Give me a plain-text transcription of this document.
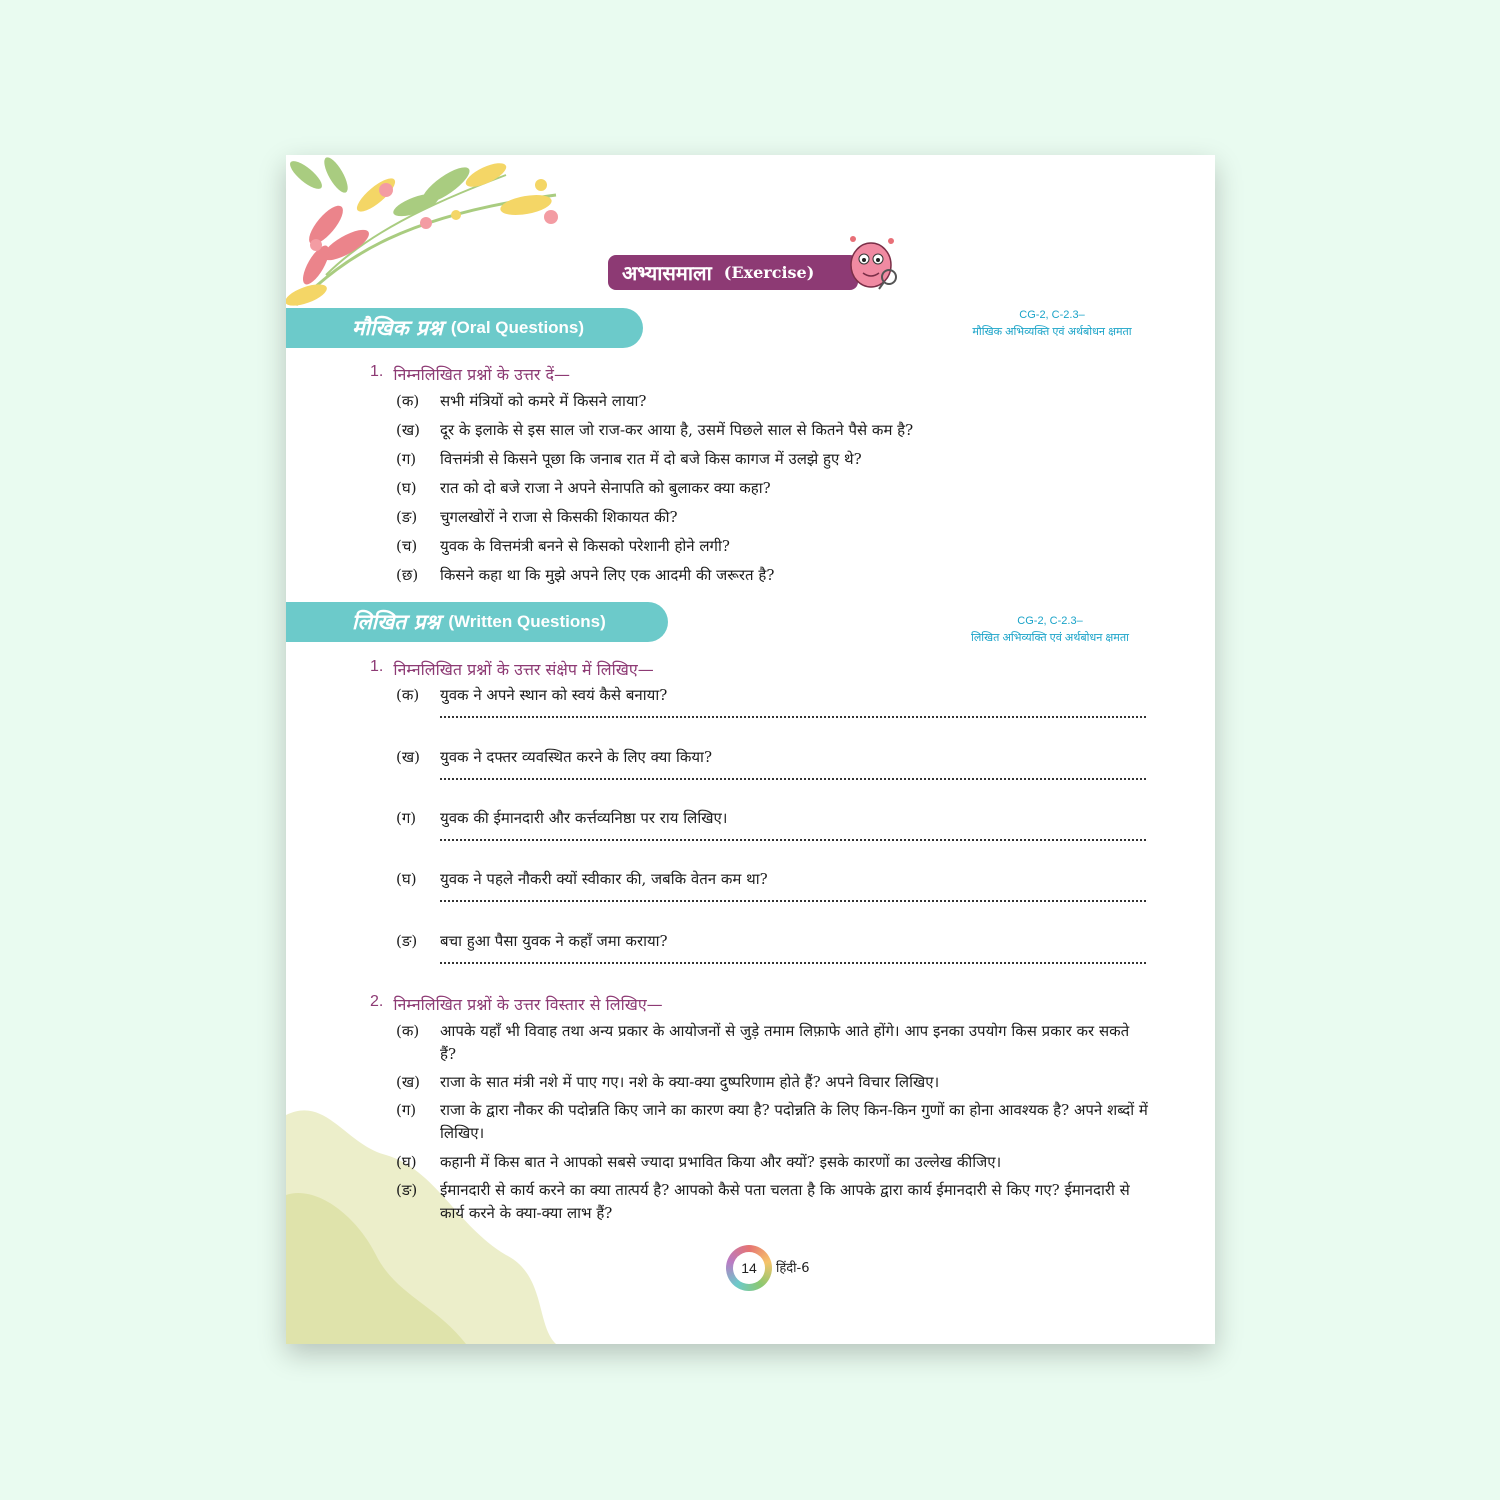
अभ्यासमाला (Exercise)
मौखिक प्रश्न (Oral Questions)
CG-2, C-2.3–
मौखिक अभिव्यक्ति एवं अर्थबोधन क्षमता
1. निम्नलिखित प्रश्नों के उत्तर दें—
(क)	सभी मंत्रियों को कमरे में किसने लाया?
(ख)	दूर के इलाके से इस साल जो राज-कर आया है, उसमें पिछले साल से कितने पैसे कम है?
(ग)	वित्तमंत्री से किसने पूछा कि जनाब रात में दो बजे किस कागज में उलझे हुए थे?
(घ)	रात को दो बजे राजा ने अपने सेनापति को बुलाकर क्या कहा?
(ङ)	चुगलखोरों ने राजा से किसकी शिकायत की?
(च)	युवक के वित्तमंत्री बनने से किसको परेशानी होने लगी?
(छ)	किसने कहा था कि मुझे अपने लिए एक आदमी की जरूरत है?
लिखित प्रश्न (Written Questions)	CG-2, C-2.3–
लिखित अभिव्यक्ति एवं अर्थबोधन क्षमता
1. निम्नलिखित प्रश्नों के उत्तर संक्षेप में लिखिए—
(क)	युवक ने अपने स्थान को स्वयं कैसे बनाया?
(ख)	युवक ने दफ्तर व्यवस्थित करने के लिए क्या किया?
(ग)	युवक की ईमानदारी और कर्त्तव्यनिष्ठा पर राय लिखिए।
(घ)	युवक ने पहले नौकरी क्यों स्वीकार की, जबकि वेतन कम था?
(ङ)	बचा हुआ पैसा युवक ने कहाँ जमा कराया?
2. निम्नलिखित प्रश्नों के उत्तर विस्तार से लिखिए—
(क)	आपके यहाँ भी विवाह तथा अन्य प्रकार के आयोजनों से जुड़े तमाम लिफ़ाफे आते होंगे। आप इनका उपयोग किस प्रकार कर सकते हैं?
(ख)	राजा के सात मंत्री नशे में पाए गए। नशे के क्या-क्या दुष्परिणाम होते हैं? अपने विचार लिखिए।
(ग)	राजा के द्वारा नौकर की पदोन्नति किए जाने का कारण क्या है? पदोन्नति के लिए किन-किन गुणों का होना आवश्यक है? अपने शब्दों में लिखिए।
(घ)	कहानी में किस बात ने आपको सबसे ज्यादा प्रभावित किया और क्यों? इसके कारणों का उल्लेख कीजिए।
(ङ)	ईमानदारी से कार्य करने का क्या तात्पर्य है? आपको कैसे पता चलता है कि आपके द्वारा कार्य ईमानदारी से किए गए? ईमानदारी से कार्य करने के क्या-क्या लाभ हैं?
14	हिंदी-6
